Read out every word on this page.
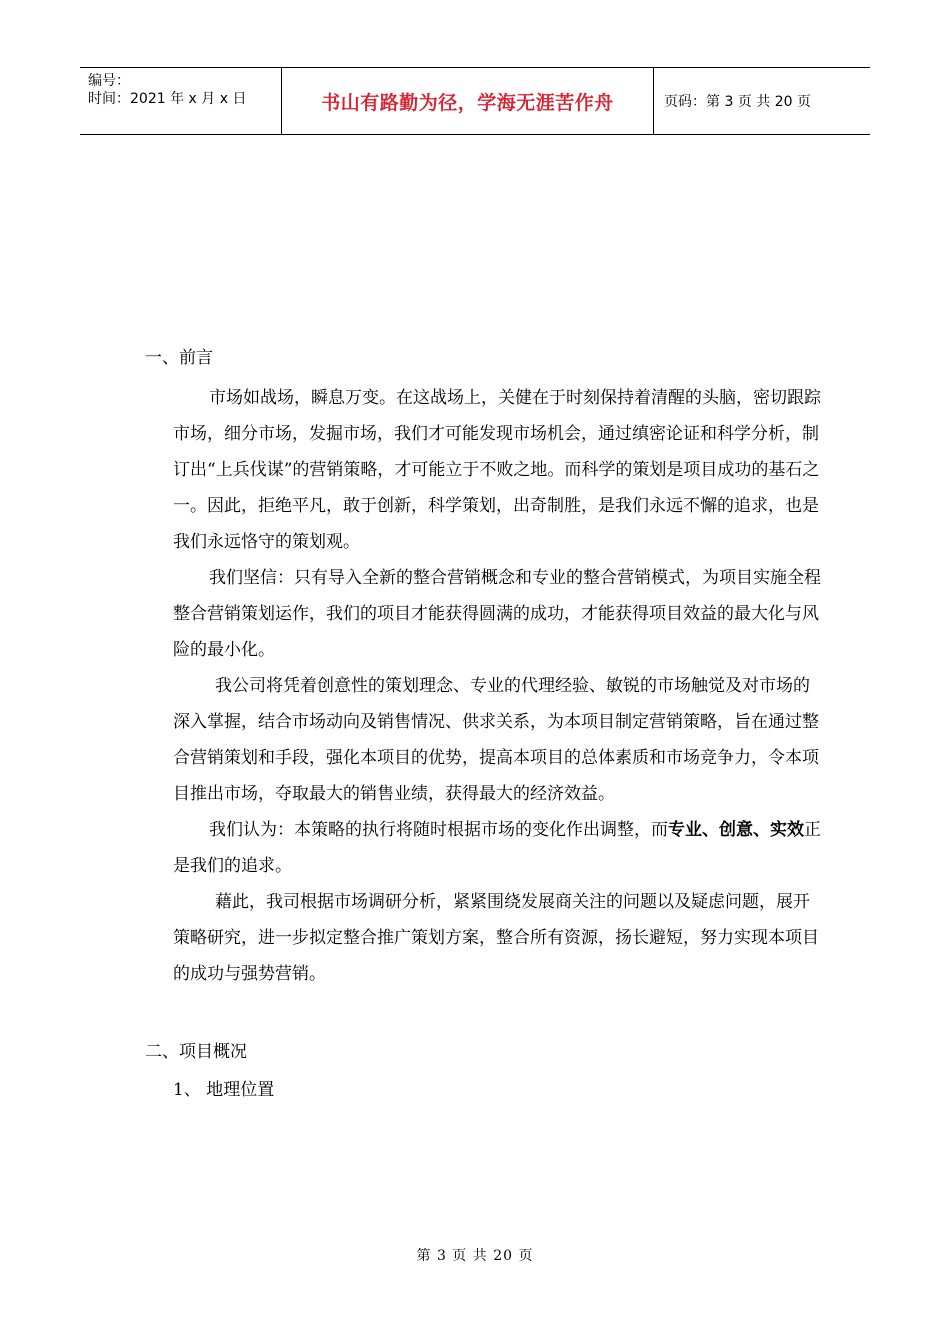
编号：
时间：2021 年 x 月 x 日	书山有路勤为径，学海无涯苦作舟	页码：第 3 页 共 20 页

一、前言

市场如战场，瞬息万变。在这战场上，关健在于时刻保持着清醒的头脑，密切跟踪市场，细分市场，发掘市场，我们才可能发现市场机会，通过缜密论证和科学分析，制订出“上兵伐谋”的营销策略，才可能立于不败之地。而科学的策划是项目成功的基石之一。因此，拒绝平凡，敢于创新，科学策划，出奇制胜，是我们永远不懈的追求，也是我们永远恪守的策划观。

我们坚信：只有导入全新的整合营销概念和专业的整合营销模式，为项目实施全程整合营销策划运作，我们的项目才能获得圆满的成功，才能获得项目效益的最大化与风险的最小化。

我公司将凭着创意性的策划理念、专业的代理经验、敏锐的市场触觉及对市场的深入掌握，结合市场动向及销售情况、供求关系，为本项目制定营销策略，旨在通过整合营销策划和手段，强化本项目的优势，提高本项目的总体素质和市场竞争力，令本项目推出市场，夺取最大的销售业绩，获得最大的经济效益。

我们认为：本策略的执行将随时根据市场的变化作出调整，而专业、创意、实效正是我们的追求。

藉此，我司根据市场调研分析，紧紧围绕发展商关注的问题以及疑虑问题，展开策略研究，进一步拟定整合推广策划方案，整合所有资源，扬长避短，努力实现本项目的成功与强势营销。

二、项目概况

1、 地理位置

第 3 页 共 20 页
